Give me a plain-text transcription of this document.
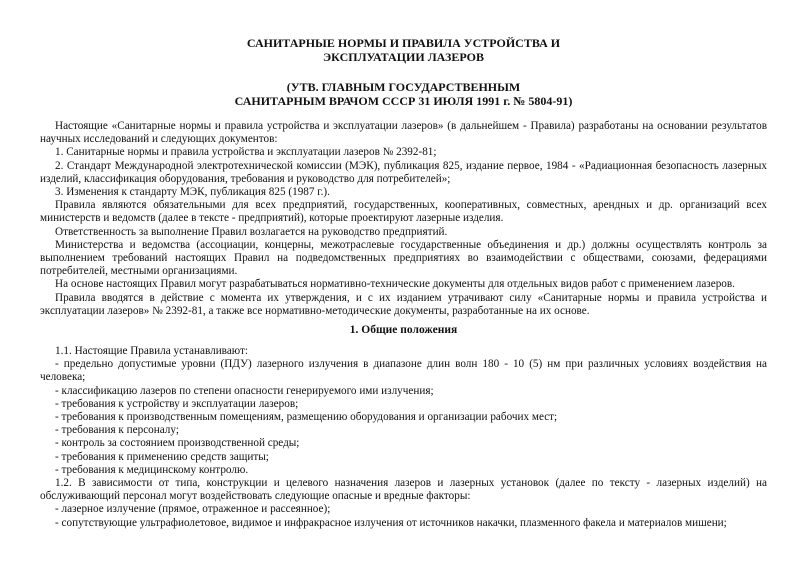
САНИТАРНЫЕ НОРМЫ И ПРАВИЛА УСТРОЙСТВА И

ЭКСПЛУАТАЦИИ ЛАЗЕРОВ

(УТВ. ГЛАВНЫМ ГОСУДАРСТВЕННЫМ

САНИТАРНЫМ ВРАЧОМ СССР 31 ИЮЛЯ 1991 г. № 5804-91)

Настоящие «Санитарные нормы и правила устройства и эксплуатации лазеров» (в дальнейшем - Правила) разработаны на основании результатов научных исследований и следующих документов:

1. Санитарные нормы и правила устройства и эксплуатации лазеров № 2392-81;

2. Стандарт Международной электротехнической комиссии (МЭК), публикация 825, издание первое, 1984 - «Радиационная безопасность лазерных изделий, классификация оборудования, требования и руководство для потребителей»;

3. Изменения к стандарту МЭК, публикация 825 (1987 г.).

Правила являются обязательными для всех предприятий, государственных, кооперативных, совместных, арендных и др. организаций всех министерств и ведомств (далее в тексте - предприятий), которые проектируют лазерные изделия.

Ответственность за выполнение Правил возлагается на руководство предприятий.

Министерства и ведомства (ассоциации, концерны, межотраслевые государственные объединения и др.) должны осуществлять контроль за выполнением требований настоящих Правил на подведомственных предприятиях во взаимодействии с обществами, союзами, федерациями потребителей, местными организациями.

На основе настоящих Правил могут разрабатываться нормативно-технические документы для отдельных видов работ с применением лазеров.

Правила вводятся в действие с момента их утверждения, и с их изданием утрачивают силу «Санитарные нормы и правила устройства и эксплуатации лазеров» № 2392-81, а также все нормативно-методические документы, разработанные на их основе.

1. Общие положения

1.1. Настоящие Правила устанавливают:

- предельно допустимые уровни (ПДУ) лазерного излучения в диапазоне длин волн 180 - 10 (5) нм при различных условиях воздействия на человека;

- классификацию лазеров по степени опасности генерируемого ими излучения;

- требования к устройству и эксплуатации лазеров;

- требования к производственным помещениям, размещению оборудования и организации рабочих мест;

- требования к персоналу;

- контроль за состоянием производственной среды;

- требования к применению средств защиты;

- требования к медицинскому контролю.

1.2. В зависимости от типа, конструкции и целевого назначения лазеров и лазерных установок (далее по тексту - лазерных изделий) на обслуживающий персонал могут воздействовать следующие опасные и вредные факторы:

- лазерное излучение (прямое, отраженное и рассеянное);

- сопутствующие ультрафиолетовое, видимое и инфракрасное излучения от источников накачки, плазменного факела и материалов мишени;
